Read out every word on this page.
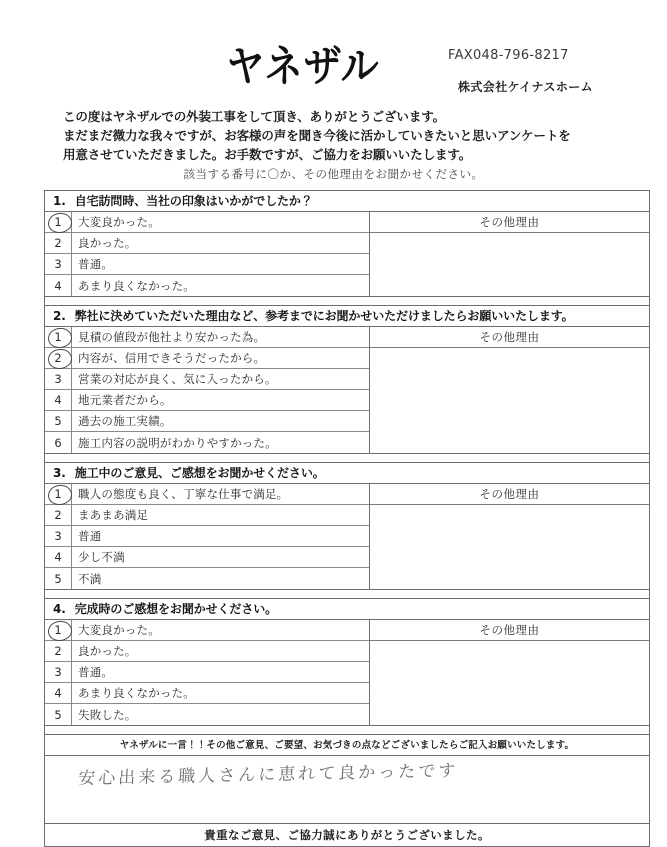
ヤネザル	FAX048-796-8217
株式会社ケイナスホーム
この度はヤネザルでの外装工事をして頂き、ありがとうございます。
まだまだ微力な我々ですが、お客様の声を聞き今後に活かしていきたいと思いアンケートを
用意させていただきました。お手数ですが、ご協力をお願いいたします。
該当する番号に〇か、その他理由をお聞かせください。
1. 自宅訪問時、当社の印象はいかがでしたか？
1	大変良かった。
2	良かった。
3	普通。
4	あまり良くなかった。
その他理由
2. 弊社に決めていただいた理由など、参考までにお聞かせいただけましたらお願いいたします。
1	見積の値段が他社より安かった為。
2	内容が、信用できそうだったから。
3	営業の対応が良く、気に入ったから。
4	地元業者だから。
5	過去の施工実績。
6	施工内容の説明がわかりやすかった。
その他理由
3. 施工中のご意見、ご感想をお聞かせください。
1	職人の態度も良く、丁寧な仕事で満足。
2	まあまあ満足
3	普通
4	少し不満
5	不満
その他理由
4. 完成時のご感想をお聞かせください。
1	大変良かった。
2	良かった。
3	普通。
4	あまり良くなかった。
5	失敗した。
その他理由
ヤネザルに一言！！その他ご意見、ご要望、お気づきの点などございましたらご記入お願いいたします。
安心出来る職人さんに恵れて良かったです
貴重なご意見、ご協力誠にありがとうございました。
